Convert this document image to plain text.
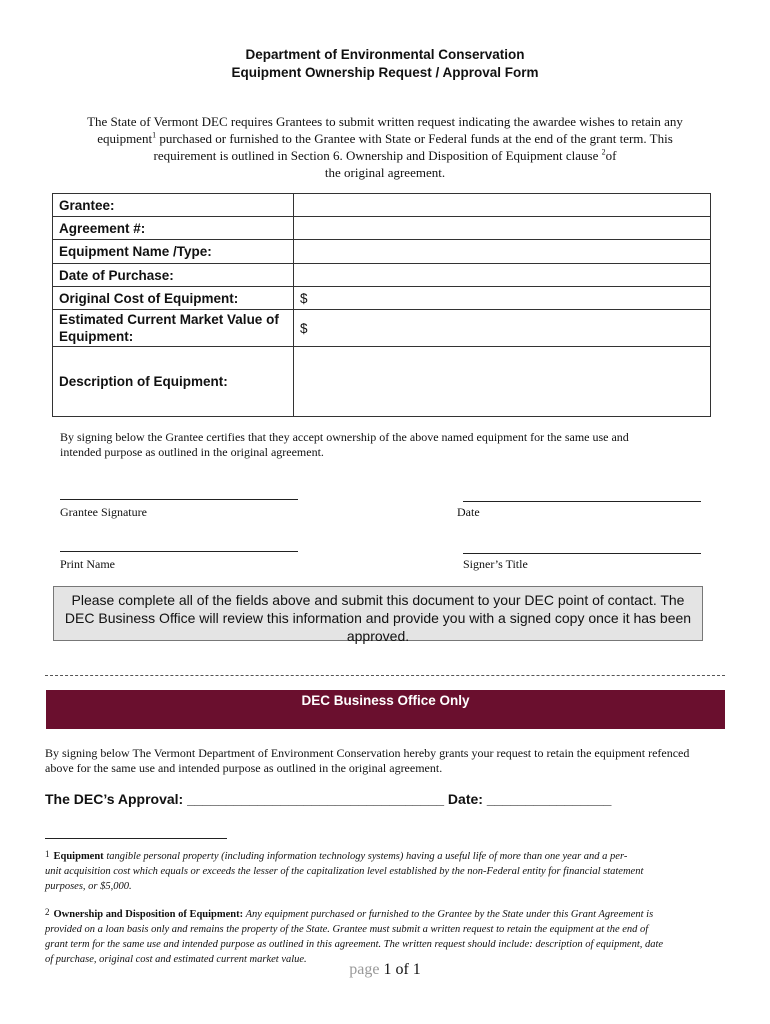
Department of Environmental Conservation
Equipment Ownership Request / Approval Form
The State of Vermont DEC requires Grantees to submit written request indicating the awardee wishes to retain any
equipment$^1$ purchased or furnished to the Grantee with State or Federal funds at the end of the grant term. This
requirement is outlined in Section 6. Ownership and Disposition of Equipment clause $^2$of
the original agreement.
Grantee:	
Agreement #:	
Equipment Name /Type:	
Date of Purchase:	
Original Cost of Equipment:	$

Estimated Current Market Value of
Equipment:	$
Description of Equipment:	
By signing below the Grantee certifies that they accept ownership of the above named equipment for the same use and
intended purpose as outlined in the original agreement.
Grantee Signature	Date
Print Name	Signer’s Title
Please complete all of the fields above and submit this document to your DEC point of contact. The
DEC Business Office will review this information and provide you with a signed copy once it has been
approved.
DEC Business Office Only
By signing below The Vermont Department of Environment Conservation hereby grants your request to retain the equipment refenced
above for the same use and intended purpose as outlined in the original agreement.
The DEC’s Approval: _________________________________ Date: ________________
1 Equipment tangible personal property (including information technology systems) having a useful life of more than one year and a per-
unit acquisition cost which equals or exceeds the lesser of the capitalization level established by the non-Federal entity for financial statement
purposes, or $5,000.
2 Ownership and Disposition of Equipment: Any equipment purchased or furnished to the Grantee by the State under this Grant Agreement is
provided on a loan basis only and remains the property of the State. Grantee must submit a written request to retain the equipment at the end of
grant term for the same use and intended purpose as outlined in this agreement. The written request should include: description of equipment, date
of purchase, original cost and estimated current market value.
page 1 of 1
